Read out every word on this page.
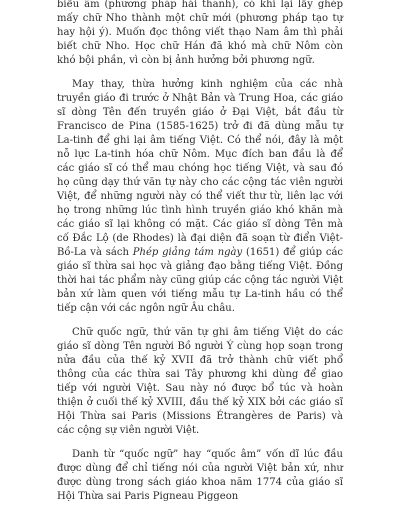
biểu âm (phương pháp hài thanh), có khi lại lấy ghép mấy chữ Nho thành một chữ mới (phương pháp tạo tự hay hội ý). Muốn đọc thông viết thạo Nam âm thì phải biết chữ Nho. Học chữ Hán đã khó mà chữ Nôm còn khó bội phần, vì còn bị ảnh hưởng bởi phương ngữ.

May thay, thừa hưởng kinh nghiệm của các nhà truyền giáo đi trước ở Nhật Bản và Trung Hoa, các giáo sĩ dòng Tên đến truyền giáo ở Đại Việt, bắt đầu từ Francisco de Pina (1585-1625) trở đi đã dùng mẫu tự La-tinh để ghi lại âm tiếng Việt. Có thể nói, đây là một nỗ lực La-tinh hóa chữ Nôm. Mục đích ban đầu là để các giáo sĩ có thể mau chóng học tiếng Việt, và sau đó họ cũng dạy thứ văn tự này cho các cộng tác viên người Việt, để những người này có thể viết thư từ, liên lạc với họ trong những lúc tình hình truyền giáo khó khăn mà các giáo sĩ lại không có mặt. Các giáo sĩ dòng Tên mà cố Đắc Lộ (de Rhodes) là đại diện đã soạn từ điển Việt-Bồ-La và sách Phép giảng tám ngày (1651) để giúp các giáo sĩ thừa sai học và giảng đạo bằng tiếng Việt. Đồng thời hai tác phẩm này cũng giúp các cộng tác người Việt bản xứ làm quen với tiếng mẫu tự La-tinh hầu có thể tiếp cận với các ngôn ngữ Âu châu.

Chữ quốc ngữ, thứ văn tự ghi âm tiếng Việt do các giáo sĩ dòng Tên người Bồ người Ý cùng họp soạn trong nửa đầu của thế kỷ XVII đã trở thành chữ viết phổ thông của các thừa sai Tây phương khi dùng để giao tiếp với người Việt. Sau này nó được bổ túc và hoàn thiện ở cuối thế kỷ XVIII, đầu thế kỷ XIX bởi các giáo sĩ Hội Thừa sai Paris (Missions Étrangères de Paris) và các cộng sự viên người Việt.

Danh từ “quốc ngữ” hay “quốc âm” vốn dĩ lúc đầu được dùng để chỉ tiếng nói của người Việt bản xứ, như được dùng trong sách giáo khoa năm 1774 của giáo sĩ Hội Thừa sai Paris Pigneau Piggeon
